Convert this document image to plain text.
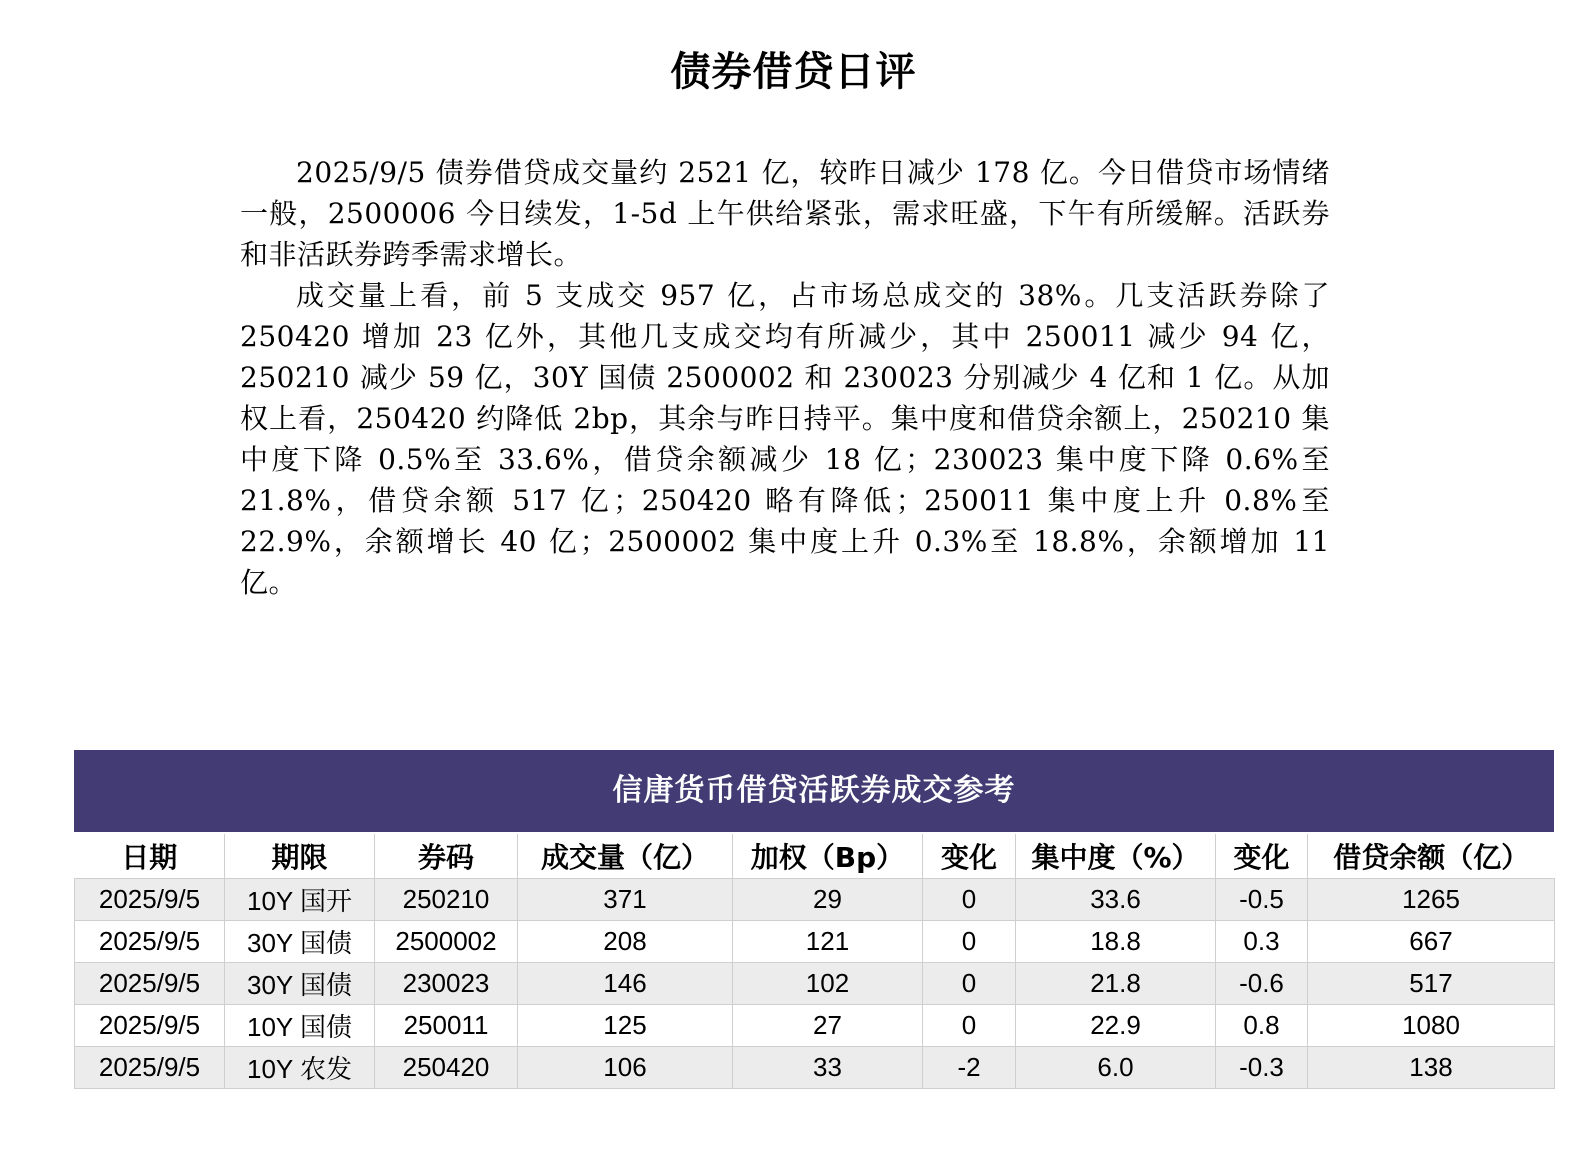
债券借贷日评

2025/9/5 债券借贷成交量约 2521 亿，较昨日减少 178 亿。今日借贷市场情绪一般，2500006 今日续发，1-5d 上午供给紧张，需求旺盛，下午有所缓解。活跃券和非活跃券跨季需求增长。

成交量上看，前 5 支成交 957 亿，占市场总成交的 38%。几支活跃券除了 250420 增加 23 亿外，其他几支成交均有所减少，其中 250011 减少 94 亿，250210 减少 59 亿，30Y 国债 2500002 和 230023 分别减少 4 亿和 1 亿。从加权上看，250420 约降低 2bp，其余与昨日持平。集中度和借贷余额上，250210 集中度下降 0.5%至 33.6%，借贷余额减少 18 亿；230023 集中度下降 0.6%至 21.8%，借贷余额 517 亿；250420 略有降低；250011 集中度上升 0.8%至 22.9%，余额增长 40 亿；2500002 集中度上升 0.3%至 18.8%，余额增加 11 亿。

信唐货币借贷活跃券成交参考
日期	期限	券码	成交量（亿）	加权（Bp）	变化	集中度（%）	变化	借贷余额（亿）
2025/9/5	10Y 国开	250210	371	29	0	33.6	-0.5	1265
2025/9/5	30Y 国债	2500002	208	121	0	18.8	0.3	667
2025/9/5	30Y 国债	230023	146	102	0	21.8	-0.6	517
2025/9/5	10Y 国债	250011	125	27	0	22.9	0.8	1080
2025/9/5	10Y 农发	250420	106	33	-2	6.0	-0.3	138
